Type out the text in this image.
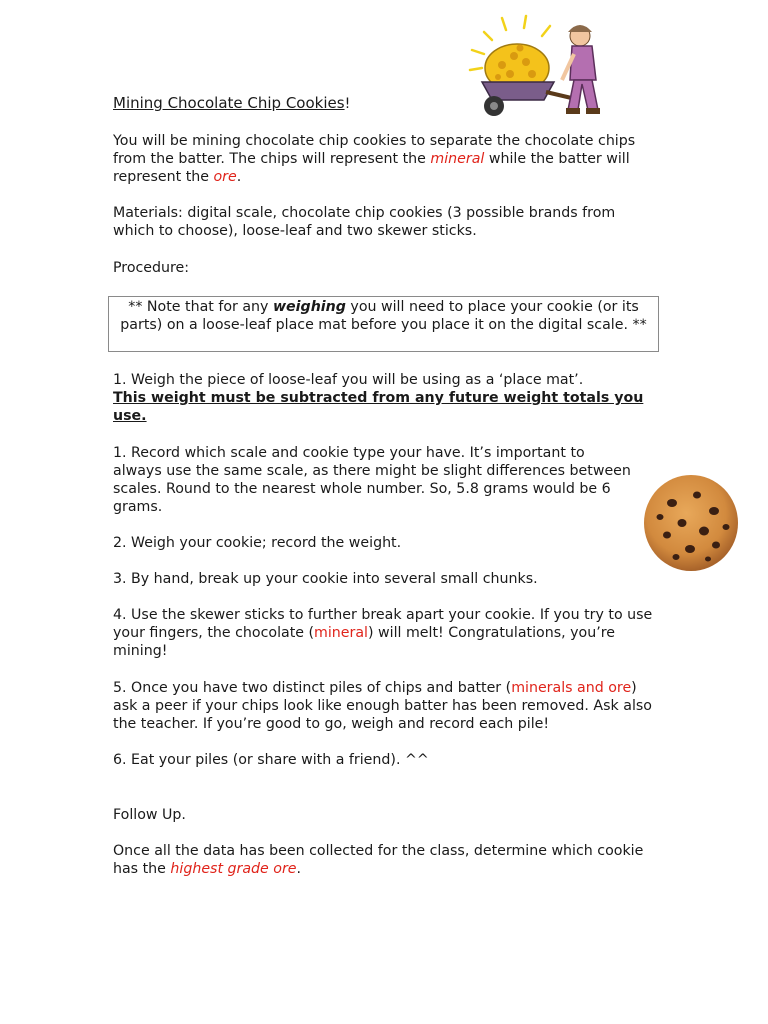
Mining Chocolate Chip Cookies!

You will be mining chocolate chip cookies to separate the chocolate chips from the batter. The chips will represent the mineral while the batter will represent the ore.

Materials: digital scale, chocolate chip cookies (3 possible brands from which to choose), loose-leaf and two skewer sticks.

Procedure:

** Note that for any weighing you will need to place your cookie (or its parts) on a loose-leaf place mat before you place it on the digital scale. **

1. Weigh the piece of loose-leaf you will be using as a ‘place mat’.
This weight must be subtracted from any future weight totals you use.

1. Record which scale and cookie type your have. It’s important to always use the same scale, as there might be slight differences between scales. Round to the nearest whole number. So, 5.8 grams would be 6 grams.

2. Weigh your cookie; record the weight.

3. By hand, break up your cookie into several small chunks.

4. Use the skewer sticks to further break apart your cookie. If you try to use your fingers, the chocolate (mineral) will melt! Congratulations, you’re mining!

5. Once you have two distinct piles of chips and batter (minerals and ore) ask a peer if your chips look like enough batter has been removed. Ask also the teacher. If you’re good to go, weigh and record each pile!

6. Eat your piles (or share with a friend). ^^

Follow Up.

Once all the data has been collected for the class, determine which cookie has the highest grade ore.
